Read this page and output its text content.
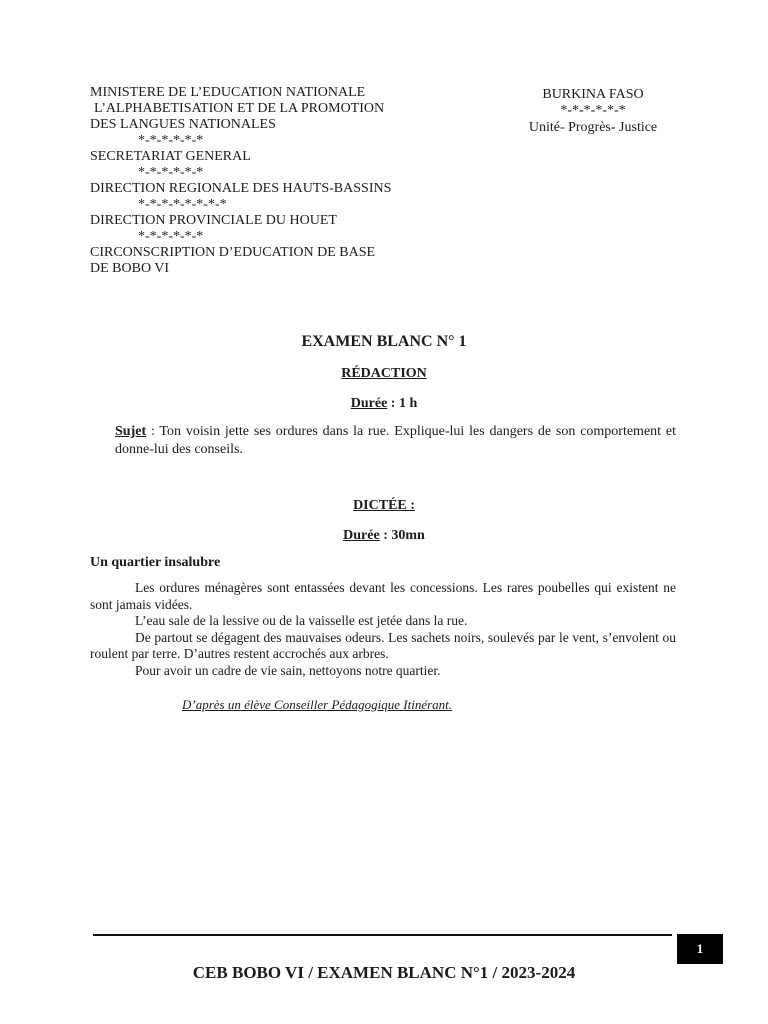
MINISTERE DE L’EDUCATION NATIONALE
L’ALPHABETISATION ET DE LA PROMOTION
DES LANGUES NATIONALES
*-*-*-*-*-*
SECRETARIAT GENERAL
*-*-*-*-*-*
DIRECTION REGIONALE DES HAUTS-BASSINS
*-*-*-*-*-*-*-*
DIRECTION PROVINCIALE DU HOUET
*-*-*-*-*-*
CIRCONSCRIPTION D’EDUCATION DE BASE
DE BOBO VI
BURKINA FASO
*-*-*-*-*-*
Unité- Progrès- Justice
EXAMEN BLANC N° 1
RÉDACTION
Durée : 1 h
Sujet : Ton voisin jette ses ordures dans la rue. Explique-lui les dangers de son comportement et donne-lui des conseils.
DICTÉE :
Durée : 30mn
Un quartier insalubre

Les ordures ménagères sont entassées devant les concessions. Les rares poubelles qui existent ne sont jamais vidées.

L’eau sale de la lessive ou de la vaisselle est jetée dans la rue.

De partout se dégagent des mauvaises odeurs. Les sachets noirs, soulevés par le vent, s’envolent ou roulent par terre. D’autres restent accrochés aux arbres.

Pour avoir un cadre de vie sain, nettoyons notre quartier.

D’après un élève Conseiller Pédagogique Itinérant.
1
CEB BOBO VI / EXAMEN BLANC N°1 / 2023-2024
